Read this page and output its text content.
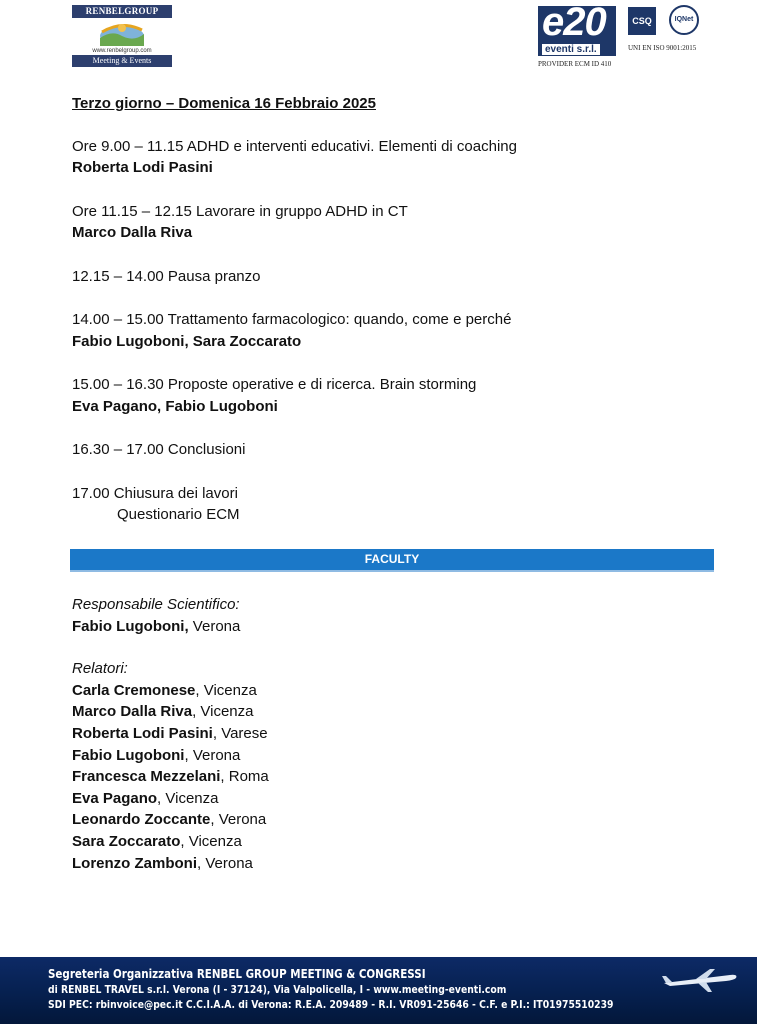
RENBELGROUP
www.renbelgroup.com
Meeting & Events
e20
eventi s.r.l.
CSQ	IQNet
UNI EN ISO 9001:2015
PROVIDER ECM ID 410
Terzo giorno – Domenica 16 Febbraio 2025
Ore 9.00 – 11.15 ADHD e interventi educativi. Elementi di coaching
Roberta Lodi Pasini
Ore 11.15 – 12.15 Lavorare in gruppo ADHD in CT
Marco Dalla Riva
12.15 – 14.00 Pausa pranzo
14.00 – 15.00 Trattamento farmacologico: quando, come e perché
Fabio Lugoboni, Sara Zoccarato
15.00 – 16.30 Proposte operative e di ricerca. Brain storming
Eva Pagano, Fabio Lugoboni
16.30 – 17.00 Conclusioni
17.00 Chiusura dei lavori
Questionario ECM
FACULTY
Responsabile Scientifico:
Fabio Lugoboni, Verona
Relatori:
Carla Cremonese, Vicenza
Marco Dalla Riva, Vicenza
Roberta Lodi Pasini, Varese
Fabio Lugoboni, Verona
Francesca Mezzelani, Roma
Eva Pagano, Vicenza
Leonardo Zoccante, Verona
Sara Zoccarato, Vicenza
Lorenzo Zamboni, Verona
Segreteria Organizzativa RENBEL GROUP MEETING & CONGRESSI
di RENBEL TRAVEL s.r.l. Verona (I - 37124), Via Valpolicella, I - www.meeting-eventi.com
SDI PEC: rbinvoice@pec.it C.C.I.A.A. di Verona: R.E.A. 209489 - R.I. VR091-25646 - C.F. e P.I.: IT01975510239
